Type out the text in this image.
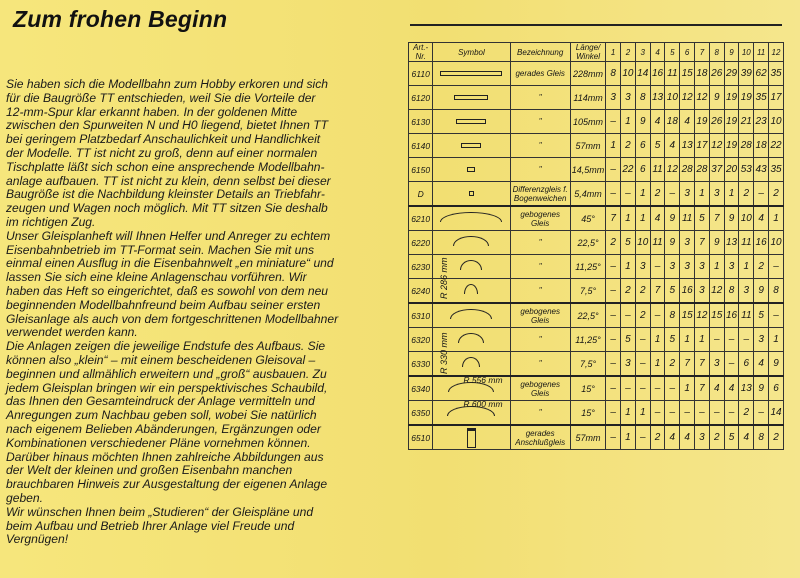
Zum frohen Beginn

Sie haben sich die Modellbahn zum Hobby erkoren und sich

für die Baugröße TT entschieden, weil Sie die Vorteile der

12-mm-Spur klar erkannt haben. In der goldenen Mitte

zwischen den Spurweiten N und H0 liegend, bietet Ihnen TT

bei geringem Platzbedarf Anschaulichkeit und Handlichkeit

der Modelle. TT ist nicht zu groß, denn auf einer normalen

Tischplatte läßt sich schon eine ansprechende Modellbahn-

anlage aufbauen. TT ist nicht zu klein, denn selbst bei dieser

Baugröße ist die Nachbildung kleinster Details an Triebfahr-

zeugen und Wagen noch möglich. Mit TT sitzen Sie deshalb

im richtigen Zug.

Unser Gleisplanheft will Ihnen Helfer und Anreger zu echtem

Eisenbahnbetrieb im TT-Format sein. Machen Sie mit uns

einmal einen Ausflug in die Eisenbahnwelt „en miniature“ und

lassen Sie sich eine kleine Anlagenschau vorführen. Wir

haben das Heft so eingerichtet, daß es sowohl von dem neu

beginnenden Modellbahnfreund beim Aufbau seiner ersten

Gleisanlage als auch von dem fortgeschrittenen Modellbahner

verwendet werden kann.

Die Anlagen zeigen die jeweilige Endstufe des Aufbaus. Sie

können also „klein“ – mit einem bescheidenen Gleisoval –

beginnen und allmählich erweitern und „groß“ ausbauen. Zu

jedem Gleisplan bringen wir ein perspektivisches Schaubild,

das Ihnen den Gesamteindruck der Anlage vermitteln und

Anregungen zum Nachbau geben soll, wobei Sie natürlich

nach eigenem Belieben Abänderungen, Ergänzungen oder

Kombinationen verschiedener Pläne vornehmen können.

Darüber hinaus möchten Ihnen zahlreiche Abbildungen aus

der Welt der kleinen und großen Eisenbahn manchen

brauchbaren Hinweis zur Ausgestaltung der eigenen Anlage

geben.

Wir wünschen Ihnen beim „Studieren“ der Gleispläne und

beim Aufbau und Betrieb Ihrer Anlage viel Freude und

Vergnügen!

Art.-Nr.	Symbol	Bezeichnung	Länge/ Winkel	1	2	3	4	5	6	7	8	9	10	11	12
6110		gerades Gleis	228mm	8	10	14	16	11	15	18	26	29	39	62	35
6120		"	114mm	3	3	8	13	10	12	12	9	19	19	35	17
6130		"	105mm	–	1	9	4	18	4	19	26	19	21	23	10
6140		"	57mm	1	2	6	5	4	13	17	12	19	28	18	22
6150		"	14,5mm	–	22	6	11	12	28	28	37	20	53	43	35
D		Differenzgleis f. Bogenweichen	5,4mm	–	–	1	2	–	3	1	3	1	2	–	2
6210	R 286 mm	gebogenes Gleis	45°	7	1	1	4	9	11	5	7	9	10	4	1
6220		"	22,5°	2	5	10	11	9	3	7	9	13	11	16	10
6230		"	11,25°	–	1	3	–	3	3	3	1	3	1	2	–
6240		"	7,5°	–	2	2	7	5	16	3	12	8	3	9	8
6310	R 330 mm	gebogenes Gleis	22,5°	–	–	2	–	8	15	12	15	16	11	5	–
6320		"	11,25°	–	5	–	1	5	1	1	–	–	–	3	1
6330		"	7,5°	–	3	–	1	2	7	7	3	–	6	4	9
6340	R 556 mm	gebogenes Gleis	15°	–	–	–	–	–	1	7	4	4	13	9	6
6350	R 600 mm	"	15°	–	1	1	–	–	–	–	–	–	2	–	14
6510		gerades Anschlußgleis	57mm	–	1	–	2	4	4	3	2	5	4	8	2
